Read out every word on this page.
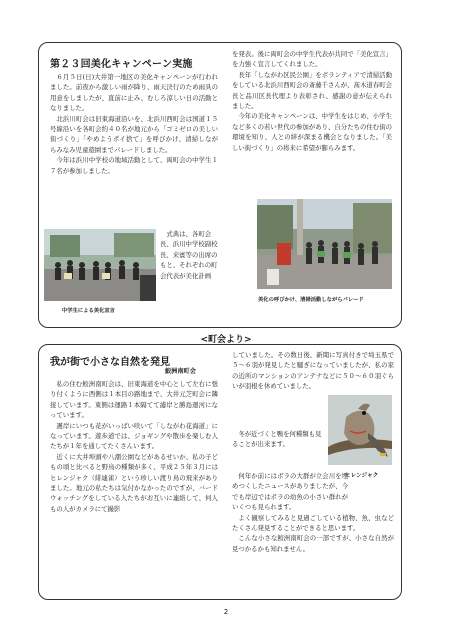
第２３回美化キャンペーン実施

６月５日(日)大井第一地区の美化キャンペーンが行われました。前夜から激しい雨が降り、雨天決行のため雨具の用意をしましたが、直前に止み、むしろ涼しい日の活動となりました。

北浜川町会は旧東海道沿いを、北浜川西町会は国道１５号線沿いを各町会約４０名が地元から「ゴミゼロの美しい街づくり」「やめようポイ捨て」を呼びかけ、清掃しながらみなみ児童遊園までパレードしました。

今年は浜川中学校の地域活動として、両町会の中学生１７名が参加しました。

中学生による美化宣言

式典は、各町会長、浜川中学校副校長、来賓等の出席のもと、それぞれの町会代表が美化計画

を発表。後に両町会の中学生代表が共同で「美化宣言」を力強く宣言してくれました。

長年「しながわ区民公園」をボランティアで清掃活動をしている北浜川西町会の斎藤千さんが、髙木道春町会長と品川区長代理より表彰され、感謝の意が伝えられました。

今年の美化キャンペーンは、中学生をはじめ、小学生など多くの若い世代の参加があり、自分たちの住む街の環境を知り、人との絆が深まる機会となりました。「美しい街づくり」の将来に希望が膨らみます。

美化の呼びかけ、清掃活動しながらパレード
<町会より>
我が街で小さな自然を発見
鮫洲南町会

私の住む鮫洲南町会は、旧東海道を中心として左右に張り付くように西側は１本目の路地まで、大井元芝町会に隣接しています。東側は運路１本隔てて濾岸と勝島運河になっています。

護岸にいつも花がいっぱい咲いて「しながわ花海道」になっています。遊歩道では、ジョギングや散歩を楽しむ人たちが１年を通してたくさんいます。

近くに大井埠頭や八潮公園などがあるせいか、私の子どもの頃と比べると野鳥の種類が多く、平成２５年３月にはヒレンジャク（緋連雀）という珍しい渡り鳥の飛来がありました。地元の私たちは気付かなかったのですが、バードウォッチングをしている人たちがお互いに連絡して、何人もの人がカメラにて撮影

していました。その数日後、新聞に写真付きで埼玉県で５～６羽が発見したと騒ぎになっていましたが、私の家の近所のマンションのアンテナなどに５０～６０羽ぐらいが羽根を休めていました。

冬が近づくと鴨を何種類も見ることが出来ます。

ヒレンジャク

何年か前にはボラの大群が立会川を埋めつくしたニュースがありましたが、今でも岸辺ではボラの幼魚の小さい群れがいくつも見られます。

よく観察してみると見過ごしている植物、魚、虫などたくさん発見することができると思います。

こんな小さな鮫洲南町会の一部ですが、小さな自然が見つかるかも知れません。

2
